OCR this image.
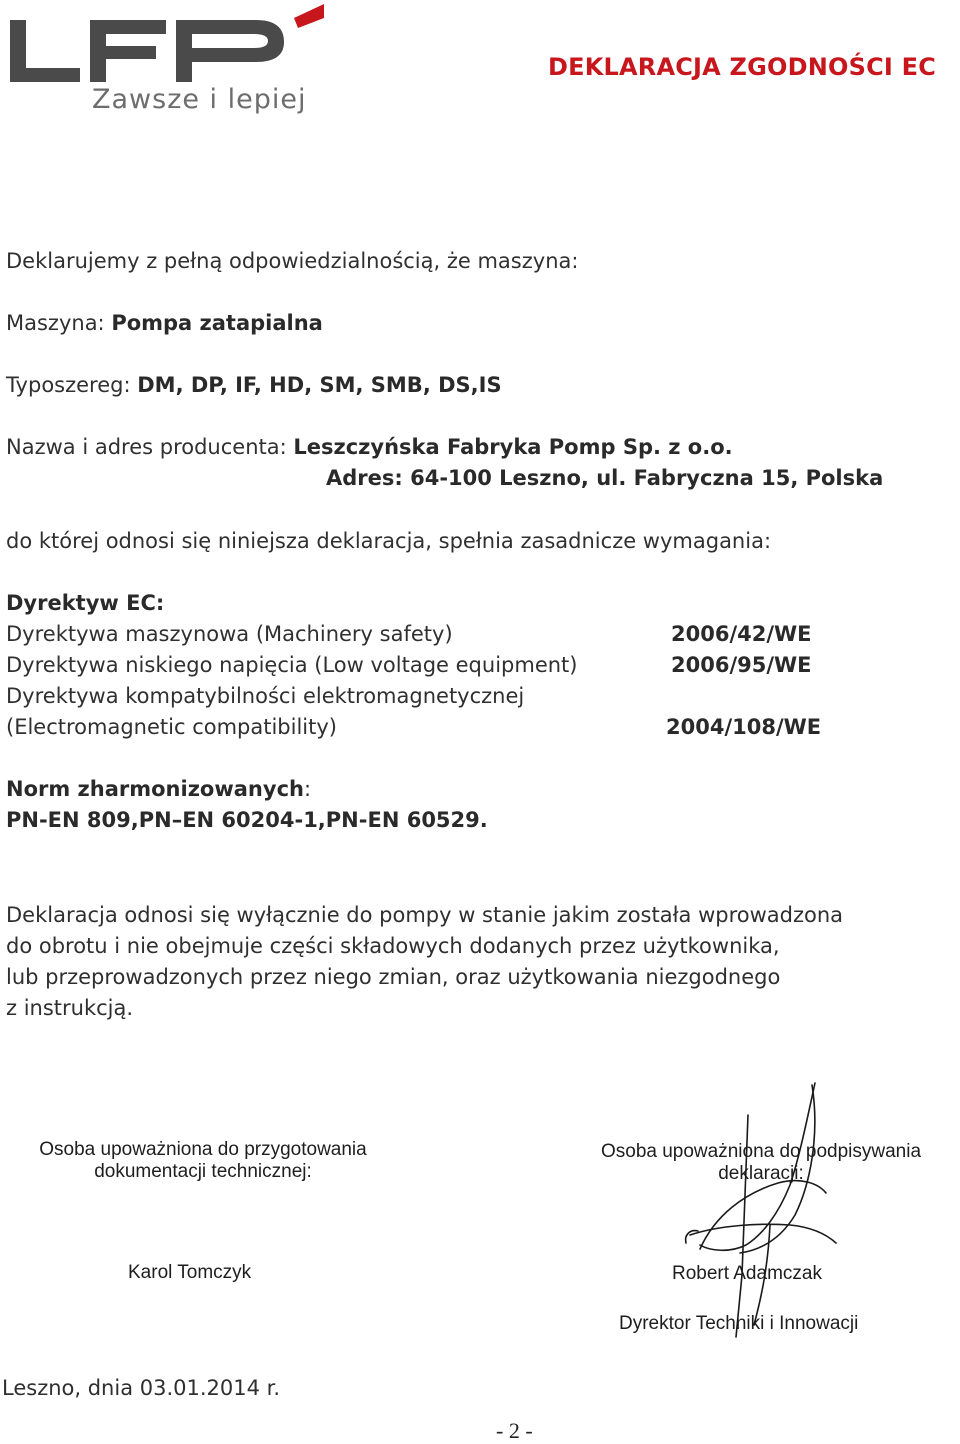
Zawsze i lepiej
DEKLARACJA ZGODNOŚCI EC
Deklarujemy z pełną odpowiedzialnością, że maszyna:
Maszyna: Pompa zatapialna
Typoszereg: DM, DP, IF, HD, SM, SMB, DS,IS
Nazwa i adres producenta: Leszczyńska Fabryka Pomp Sp. z o.o.
Adres: 64-100 Leszno, ul. Fabryczna 15, Polska
do której odnosi się niniejsza deklaracja, spełnia zasadnicze wymagania:
Dyrektyw EC:
Dyrektywa maszynowa (Machinery safety)	2006/42/WE
Dyrektywa niskiego napięcia (Low voltage equipment)	2006/95/WE
Dyrektywa kompatybilności elektromagnetycznej
(Electromagnetic compatibility)	2004/108/WE
Norm zharmonizowanych:
PN-EN 809,PN–EN 60204-1,PN-EN 60529.
Deklaracja odnosi się wyłącznie do pompy w stanie jakim została wprowadzona
do obrotu i nie obejmuje części składowych dodanych przez użytkownika,
lub przeprowadzonych przez niego zmian, oraz użytkowania niezgodnego
z instrukcją.
Osoba upoważniona do przygotowania
dokumentacji technicznej:
Karol Tomczyk
Osoba upoważniona do podpisywania
deklaracji:
Robert Adamczak
Dyrektor Techniki i Innowacji
Leszno, dnia 03.01.2014 r.
- 2 -
